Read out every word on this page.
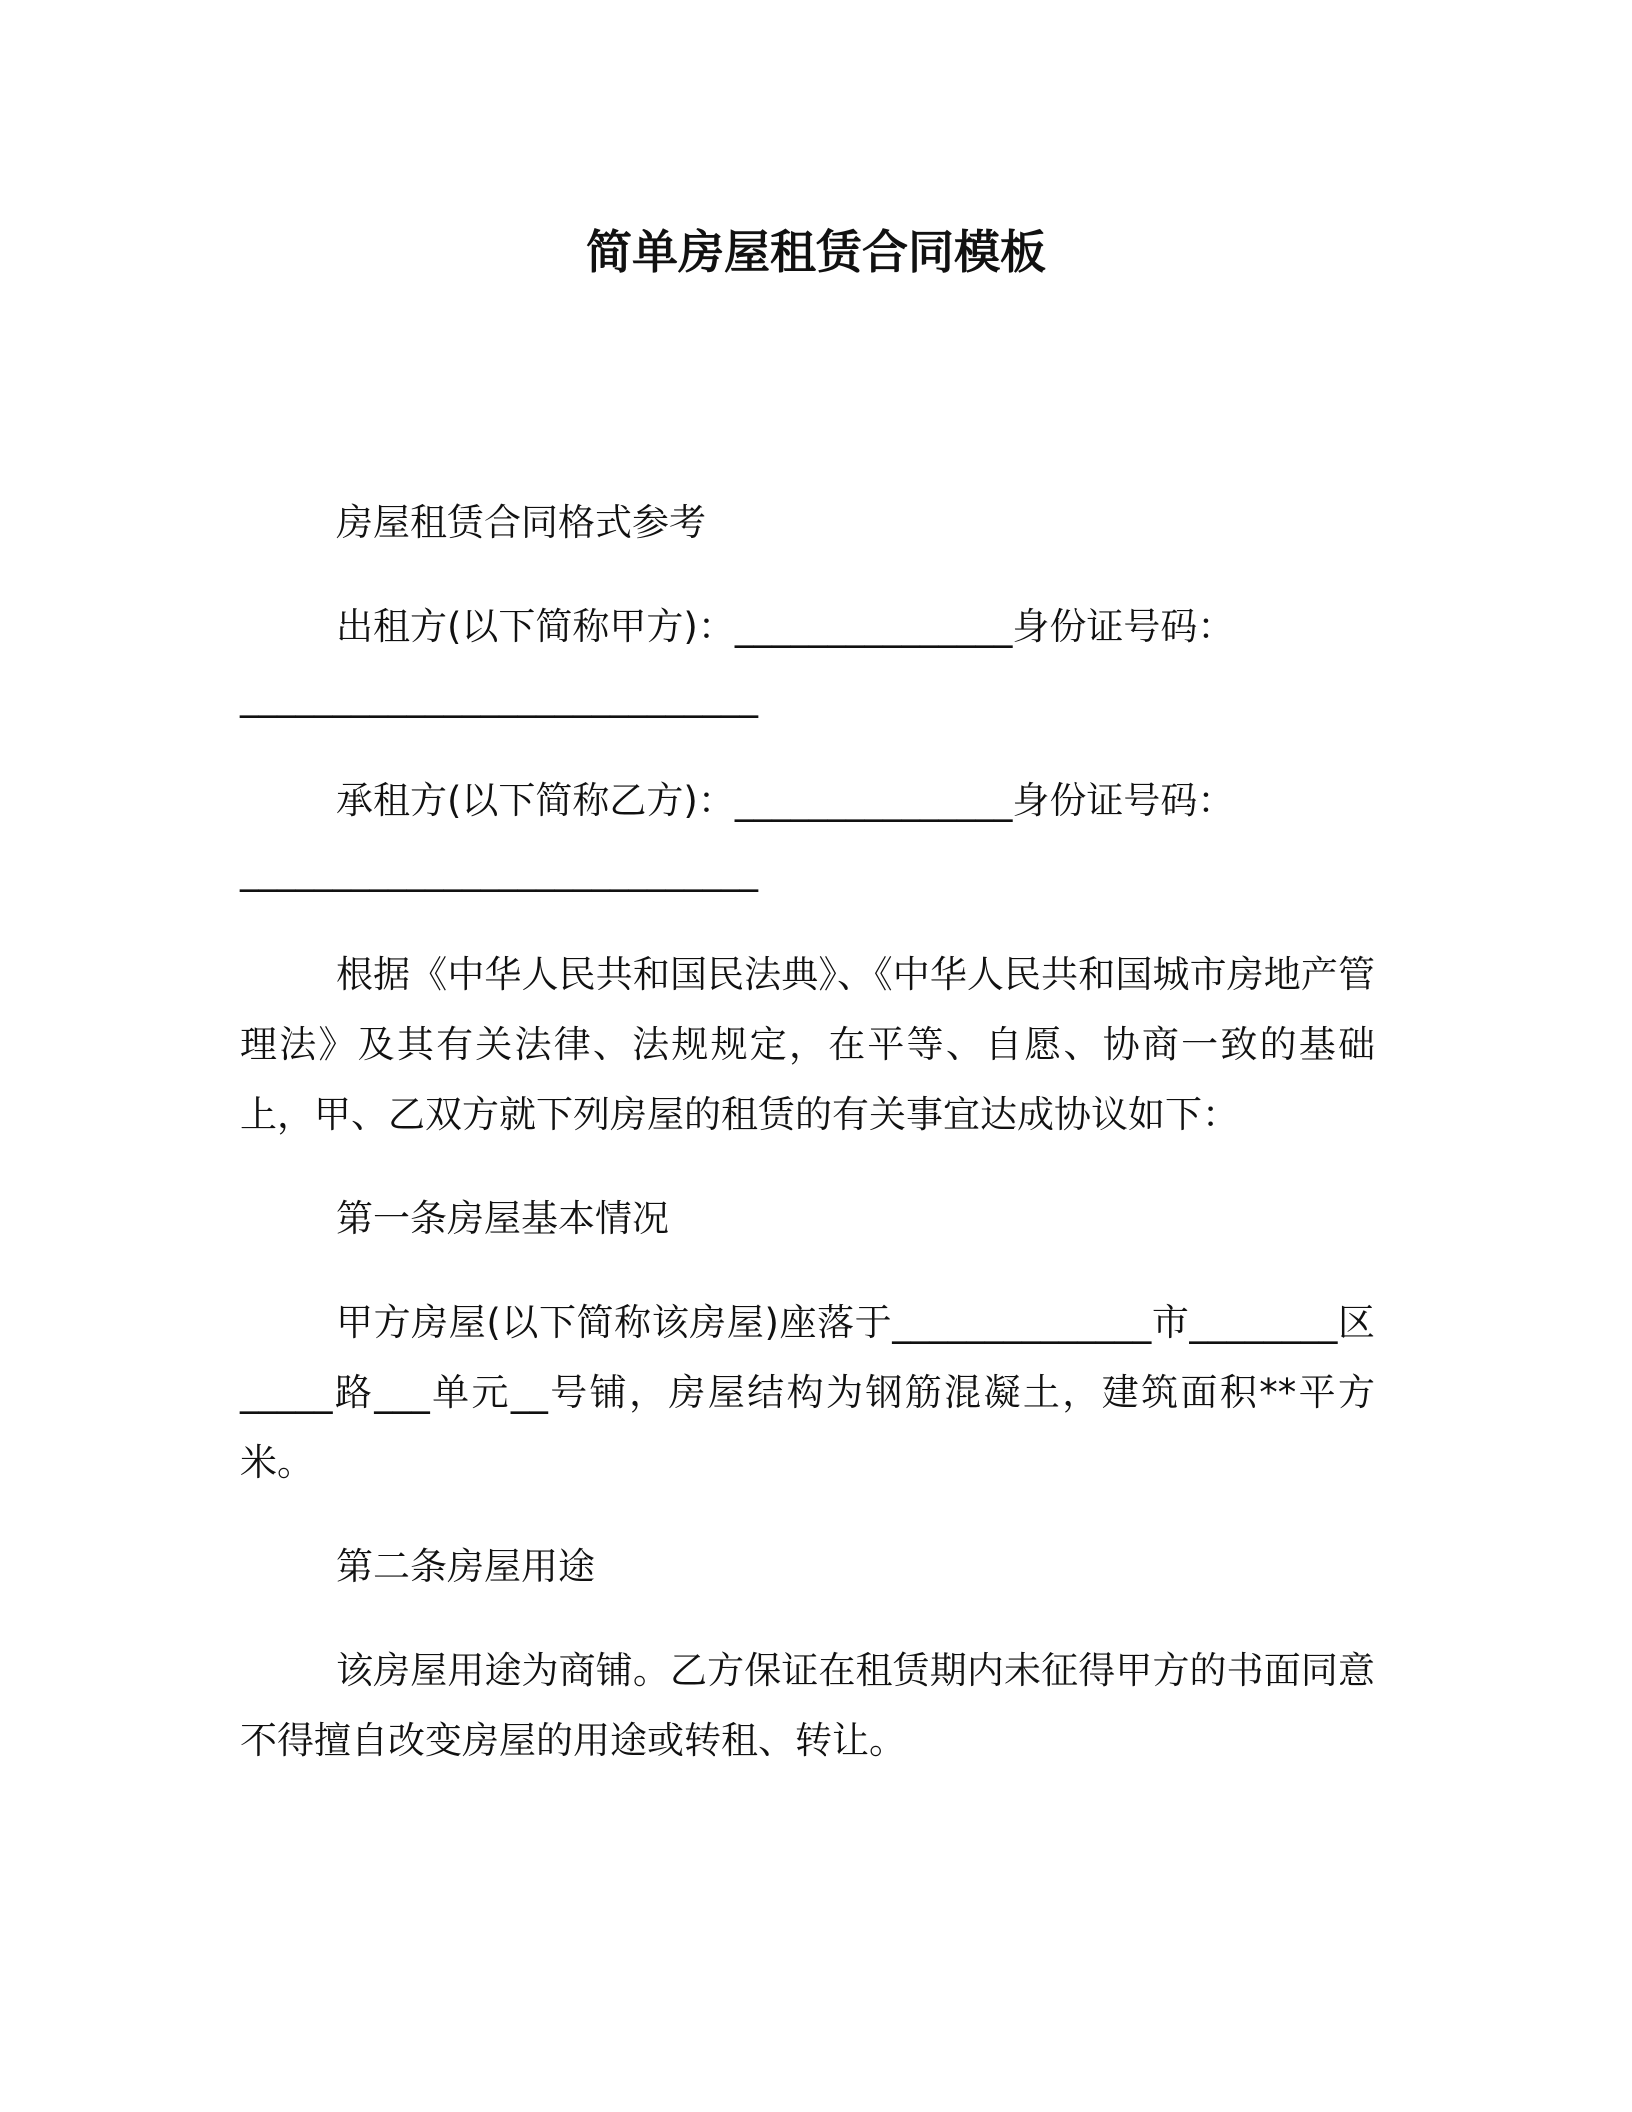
简单房屋租赁合同模板

房屋租赁合同格式参考

出租方(以下简称甲方)：_______________身份证号码：

____________________________

承租方(以下简称乙方)：_______________身份证号码：

____________________________

根据《中华人民共和国民法典》、《中华人民共和国城市房地产管理法》及其有关法律、法规规定，在平等、自愿、协商一致的基础上，甲、乙双方就下列房屋的租赁的有关事宜达成协议如下：

第一条房屋基本情况

甲方房屋(以下简称该房屋)座落于______________市________区_____路___单元__号铺，房屋结构为钢筋混凝土，建筑面积**平方米。

第二条房屋用途

该房屋用途为商铺。乙方保证在租赁期内未征得甲方的书面同意不得擅自改变房屋的用途或转租、转让。
